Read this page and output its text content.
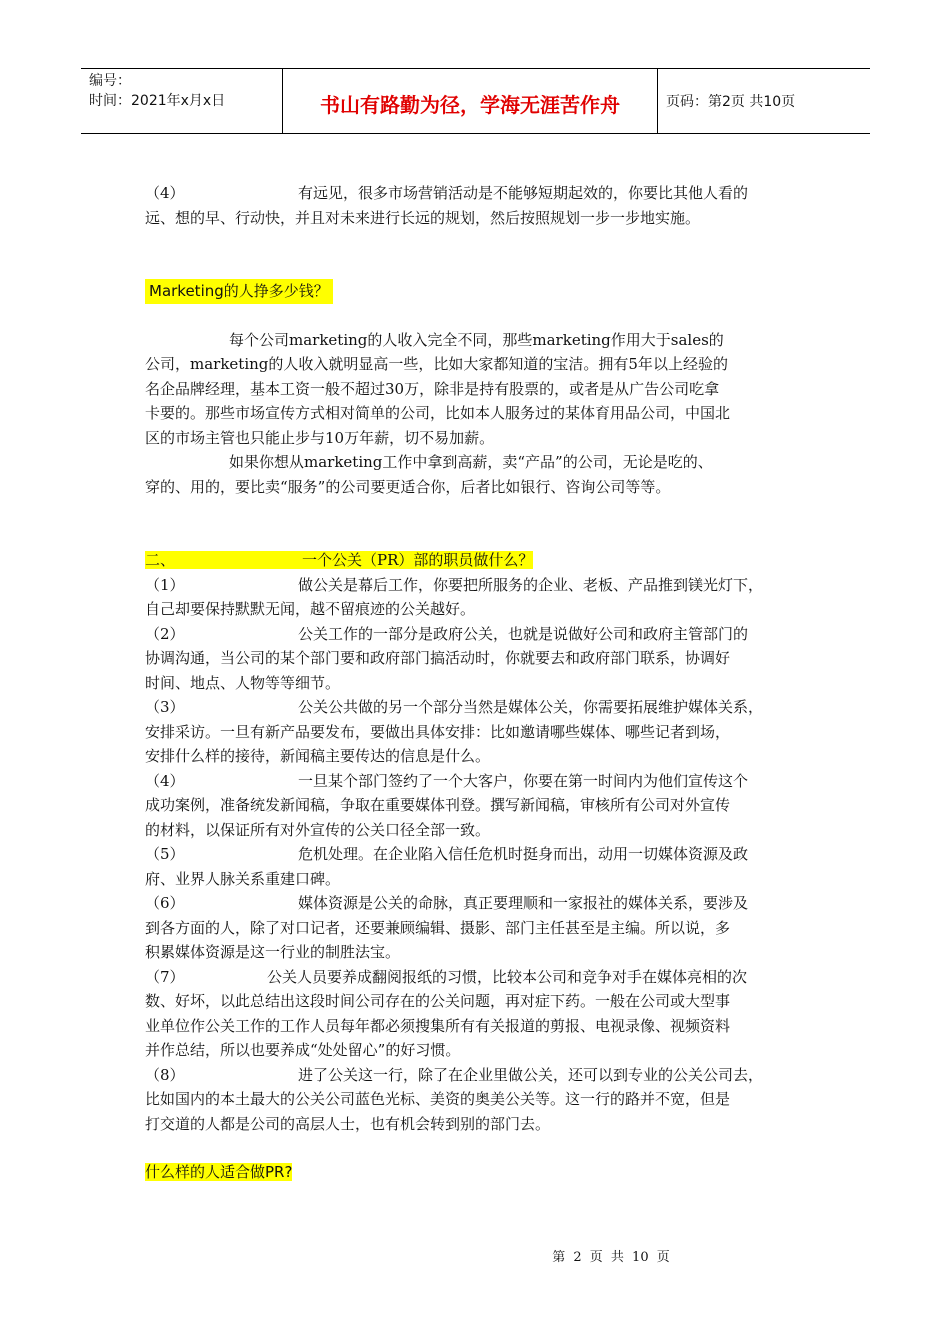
编号：
时间：2021年x月x日	书山有路勤为径，学海无涯苦作舟	页码：第2页 共10页

（4）	有远见，很多市场营销活动是不能够短期起效的，你要比其他人看的

远、想的早、行动快，并且对未来进行长远的规划，然后按照规划一步一步地实施。

Marketing的人挣多少钱？

每个公司marketing的人收入完全不同，那些marketing作用大于sales的

公司，marketing的人收入就明显高一些，比如大家都知道的宝洁。拥有5年以上经验的

名企品牌经理，基本工资一般不超过30万，除非是持有股票的，或者是从广告公司吃拿

卡要的。那些市场宣传方式相对简单的公司，比如本人服务过的某体育用品公司，中国北

区的市场主管也只能止步与10万年薪，切不易加薪。

如果你想从marketing工作中拿到高薪，卖“产品”的公司，无论是吃的、

穿的、用的，要比卖“服务”的公司要更适合你，后者比如银行、咨询公司等等。

二、	一个公关（PR）部的职员做什么？

（1）	做公关是幕后工作，你要把所服务的企业、老板、产品推到镁光灯下，

自己却要保持默默无闻，越不留痕迹的公关越好。

（2）	公关工作的一部分是政府公关，也就是说做好公司和政府主管部门的

协调沟通，当公司的某个部门要和政府部门搞活动时，你就要去和政府部门联系，协调好

时间、地点、人物等等细节。

（3）	公关公共做的另一个部分当然是媒体公关，你需要拓展维护媒体关系，

安排采访。一旦有新产品要发布，要做出具体安排：比如邀请哪些媒体、哪些记者到场，

安排什么样的接待，新闻稿主要传达的信息是什么。

（4）	一旦某个部门签约了一个大客户，你要在第一时间内为他们宣传这个

成功案例，准备统发新闻稿，争取在重要媒体刊登。撰写新闻稿，审核所有公司对外宣传

的材料，以保证所有对外宣传的公关口径全部一致。

（5）	危机处理。在企业陷入信任危机时挺身而出，动用一切媒体资源及政

府、业界人脉关系重建口碑。

（6）	媒体资源是公关的命脉，真正要理顺和一家报社的媒体关系，要涉及

到各方面的人，除了对口记者，还要兼顾编辑、摄影、部门主任甚至是主编。所以说，多

积累媒体资源是这一行业的制胜法宝。

（7）	公关人员要养成翻阅报纸的习惯，比较本公司和竞争对手在媒体亮相的次

数、好坏，以此总结出这段时间公司存在的公关问题，再对症下药。一般在公司或大型事

业单位作公关工作的工作人员每年都必须搜集所有有关报道的剪报、电视录像、视频资料

并作总结，所以也要养成“处处留心”的好习惯。

（8）	进了公关这一行，除了在企业里做公关，还可以到专业的公关公司去，

比如国内的本土最大的公关公司蓝色光标、美资的奥美公关等。这一行的路并不宽，但是

打交道的人都是公司的高层人士，也有机会转到别的部门去。

什么样的人适合做PR?

第 2 页 共 10 页
